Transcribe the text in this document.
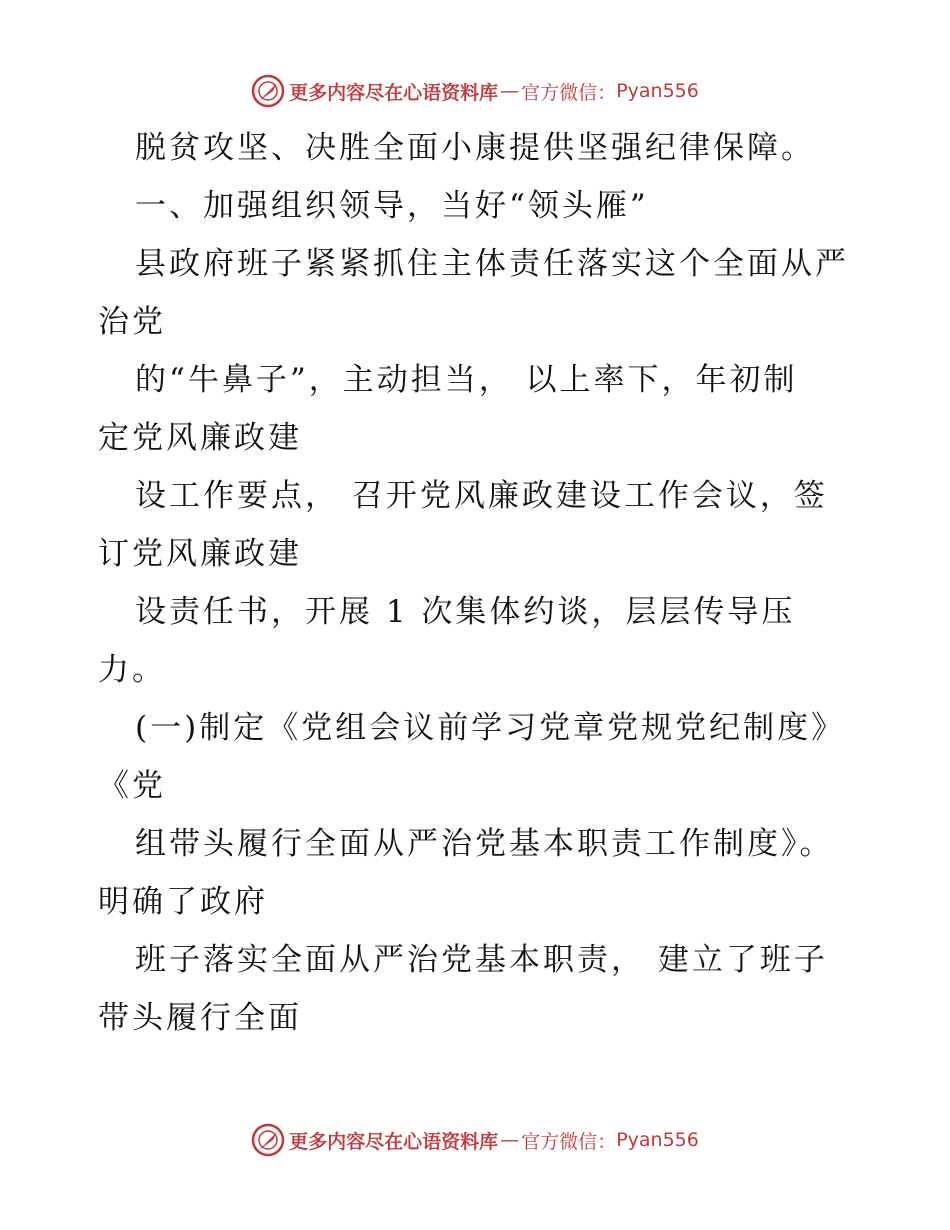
更多内容尽在心语资料库 — 官方微信： Pyan556
脱贫攻坚、决胜全面小康提供坚强纪律保障。
一、加强组织领导，当好“领头雁”
县政府班子紧紧抓住主体责任落实这个全面从严
治党
的“牛鼻子”，主动担当， 以上率下，年初制
定党风廉政建
设工作要点， 召开党风廉政建设工作会议，签
订党风廉政建
设责任书，开展 1 次集体约谈，层层传导压
力。
(一)制定《党组会议前学习党章党规党纪制度》
《党
组带头履行全面从严治党基本职责工作制度》。
明确了政府
班子落实全面从严治党基本职责， 建立了班子
带头履行全面
更多内容尽在心语资料库 — 官方微信： Pyan556
